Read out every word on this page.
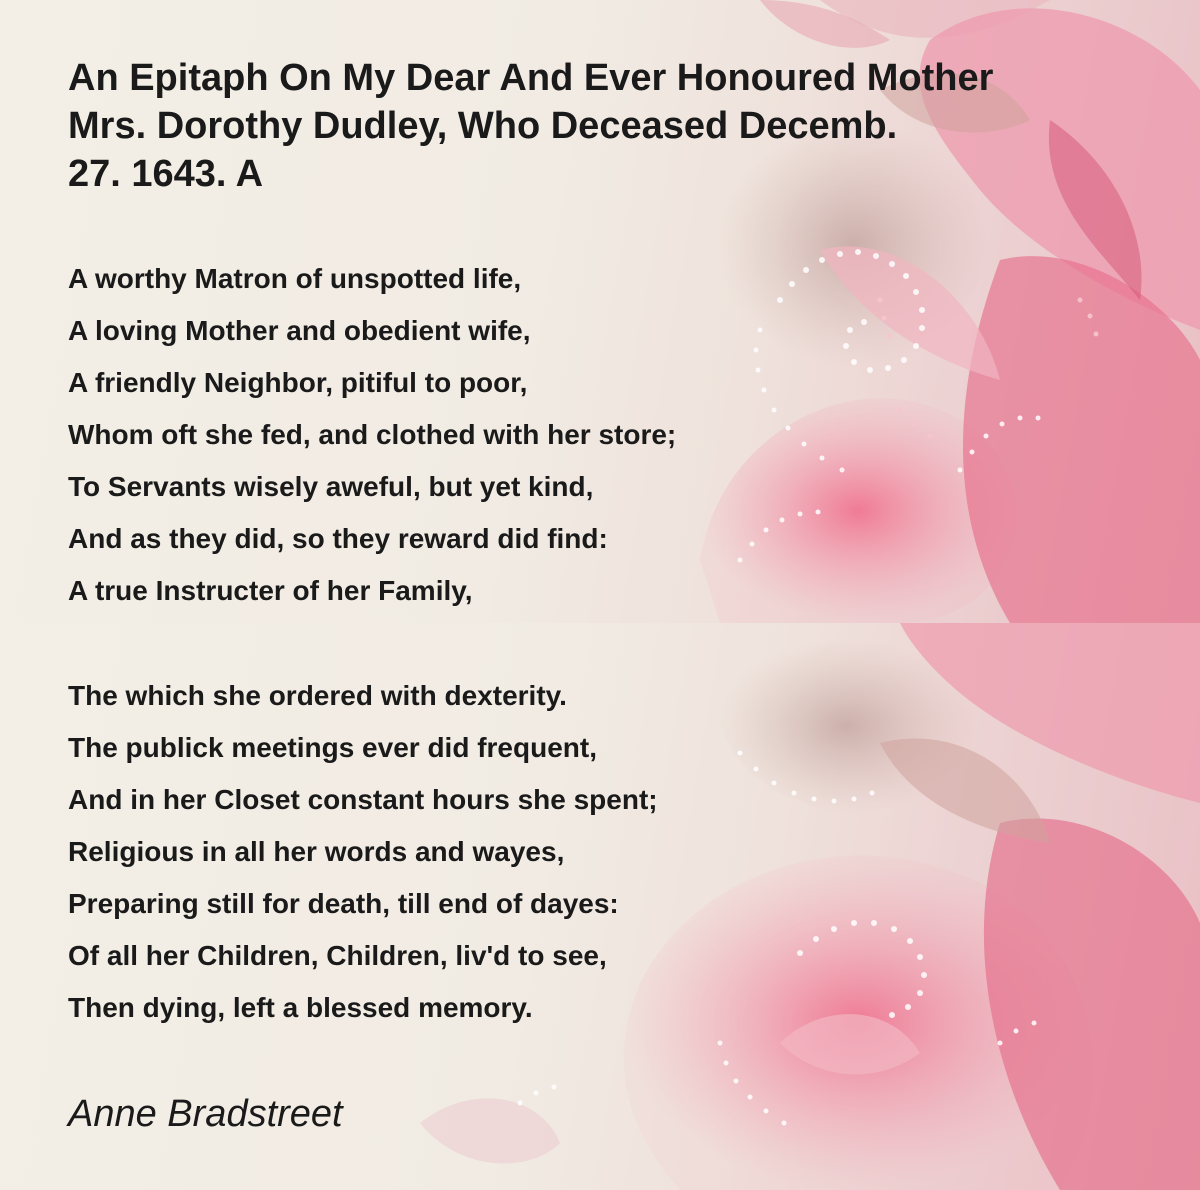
An Epitaph On My Dear And Ever Honoured Mother
Mrs. Dorothy Dudley, Who Deceased Decemb.
27. 1643. A
A worthy Matron of unspotted life,
A loving Mother and obedient wife,
A friendly Neighbor, pitiful to poor,
Whom oft she fed, and clothed with her store;
To Servants wisely aweful, but yet kind,
And as they did, so they reward did find:
A true Instructer of her Family,
The which she ordered with dexterity.
The publick meetings ever did frequent,
And in her Closet constant hours she spent;
Religious in all her words and wayes,
Preparing still for death, till end of dayes:
Of all her Children, Children, liv'd to see,
Then dying, left a blessed memory.

Anne Bradstreet
